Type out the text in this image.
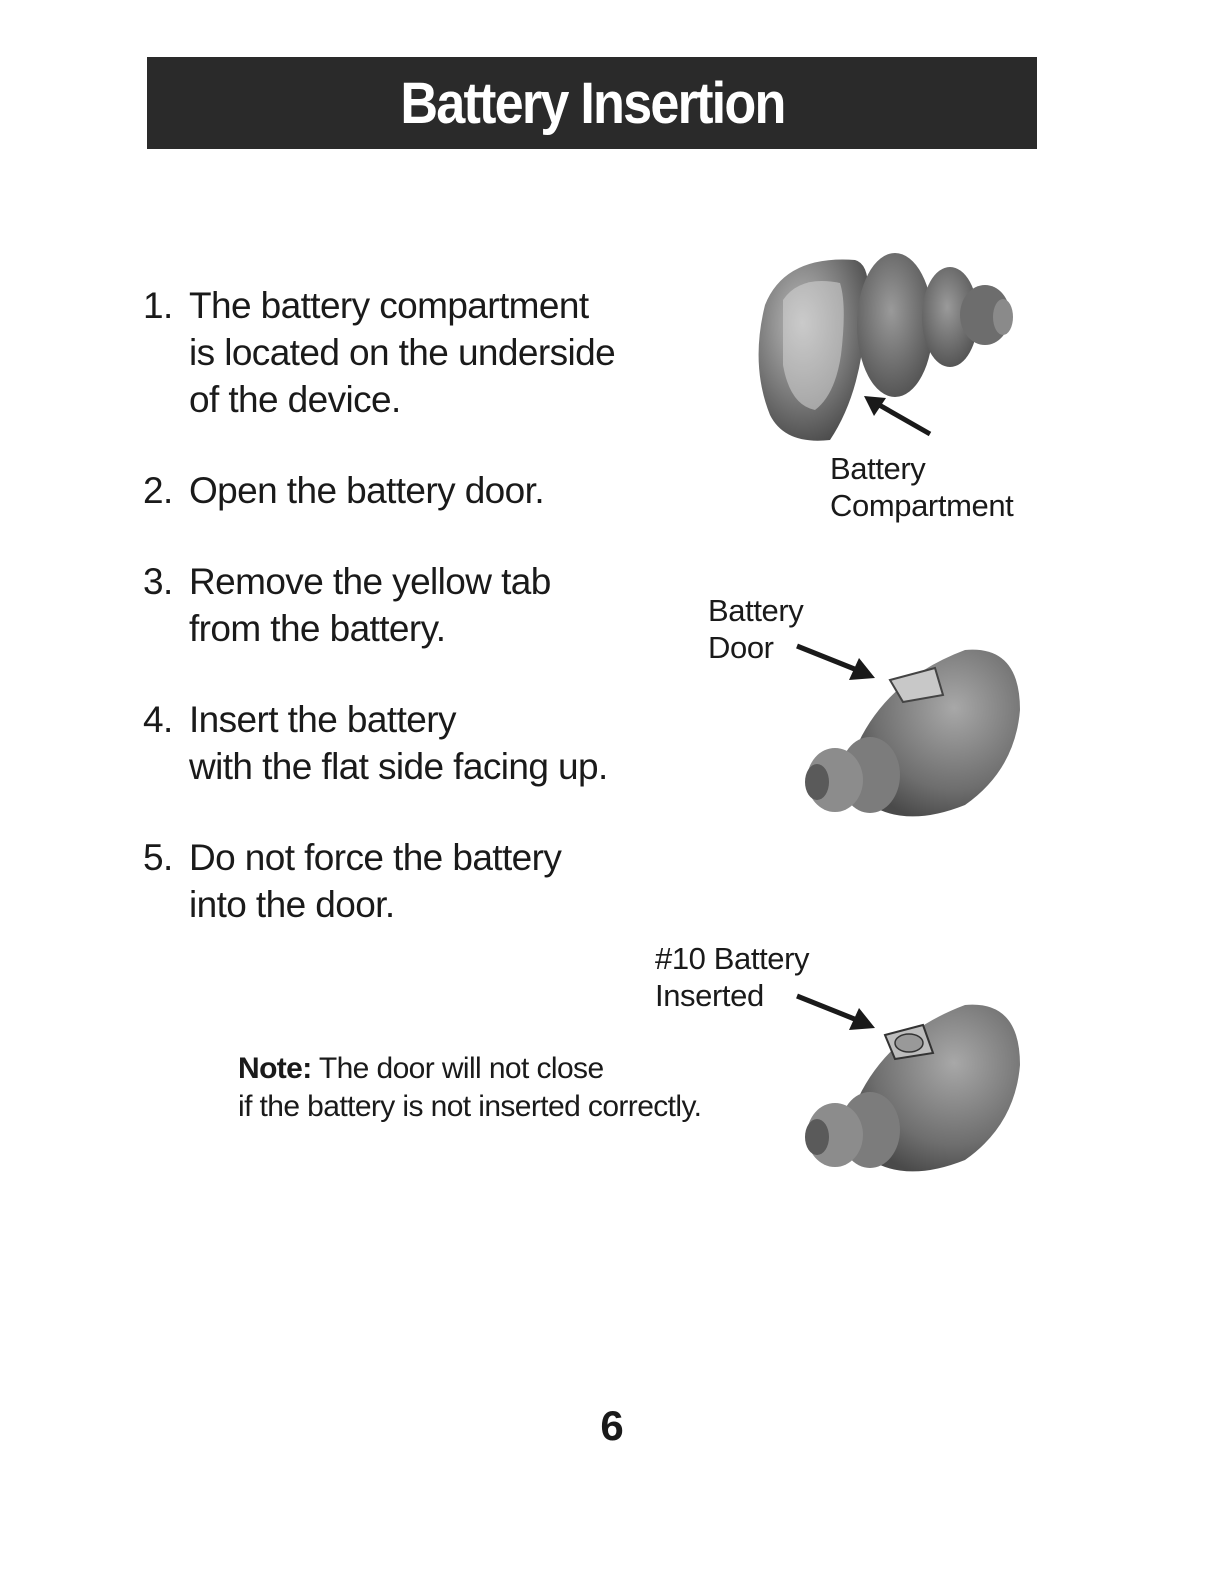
Battery Insertion
1. The battery compartment
is located on the underside
of the device.
2. Open the battery door.
3. Remove the yellow tab
from the battery.
4. Insert the battery
with the flat side facing up.
5. Do not force the battery
into the door.
Battery
Compartment
Battery
Door
#10 Battery
Inserted
Note: The door will not close
if the battery is not inserted correctly.
6
